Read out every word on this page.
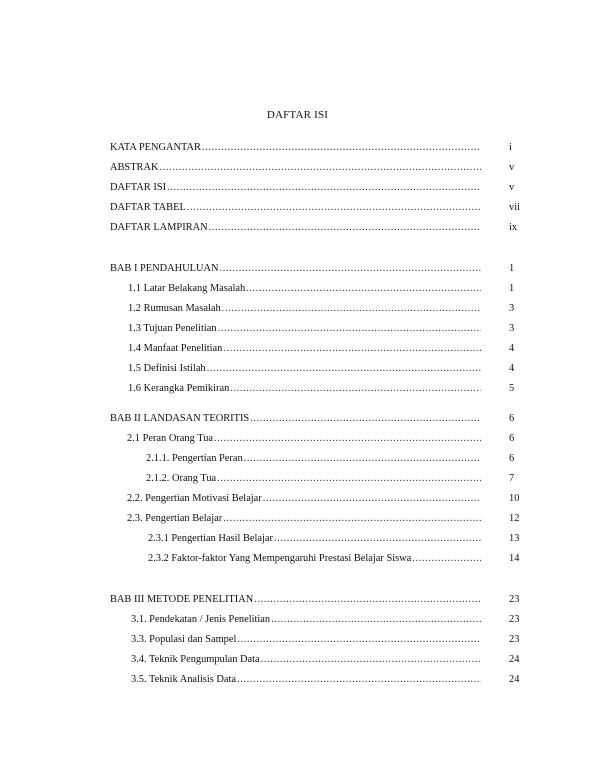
DAFTAR ISI
KATA PENGANTAR .....	i
ABSTRAK .....	v
DAFTAR ISI .....	v
DAFTAR TABEL .....	vii
DAFTAR LAMPIRAN .....	ix
BAB I PENDAHULUAN .....	1
1.1 Latar Belakang Masalah .....	1
1.2 Rumusan Masalah .....	3
1.3 Tujuan Penelitian .....	3
1.4 Manfaat Penelitian .....	4
1.5 Definisi Istilah .....	4
1.6 Kerangka Pemikiran .....	5
BAB II LANDASAN TEORITIS .....	6
2.1 Peran Orang Tua .....	6
2.1.1. Pengertian Peran .....	6
2.1.2. Orang Tua .....	7
2.2. Pengertian Motivasi Belajar .....	10
2.3. Pengertian Belajar .....	12
2.3.1 Pengertian Hasil Belajar .....	13
2.3.2 Faktor-faktor Yang Mempengaruhi Prestasi Belajar Siswa .....	14
BAB III METODE PENELITIAN .....	23
3.1. Pendekatan / Jenis Penelitian .....	23
3.3. Populasi dan Sampel .....	23
3.4. Teknik Pengumpulan Data .....	24
3.5. Teknik Analisis Data .....	24
